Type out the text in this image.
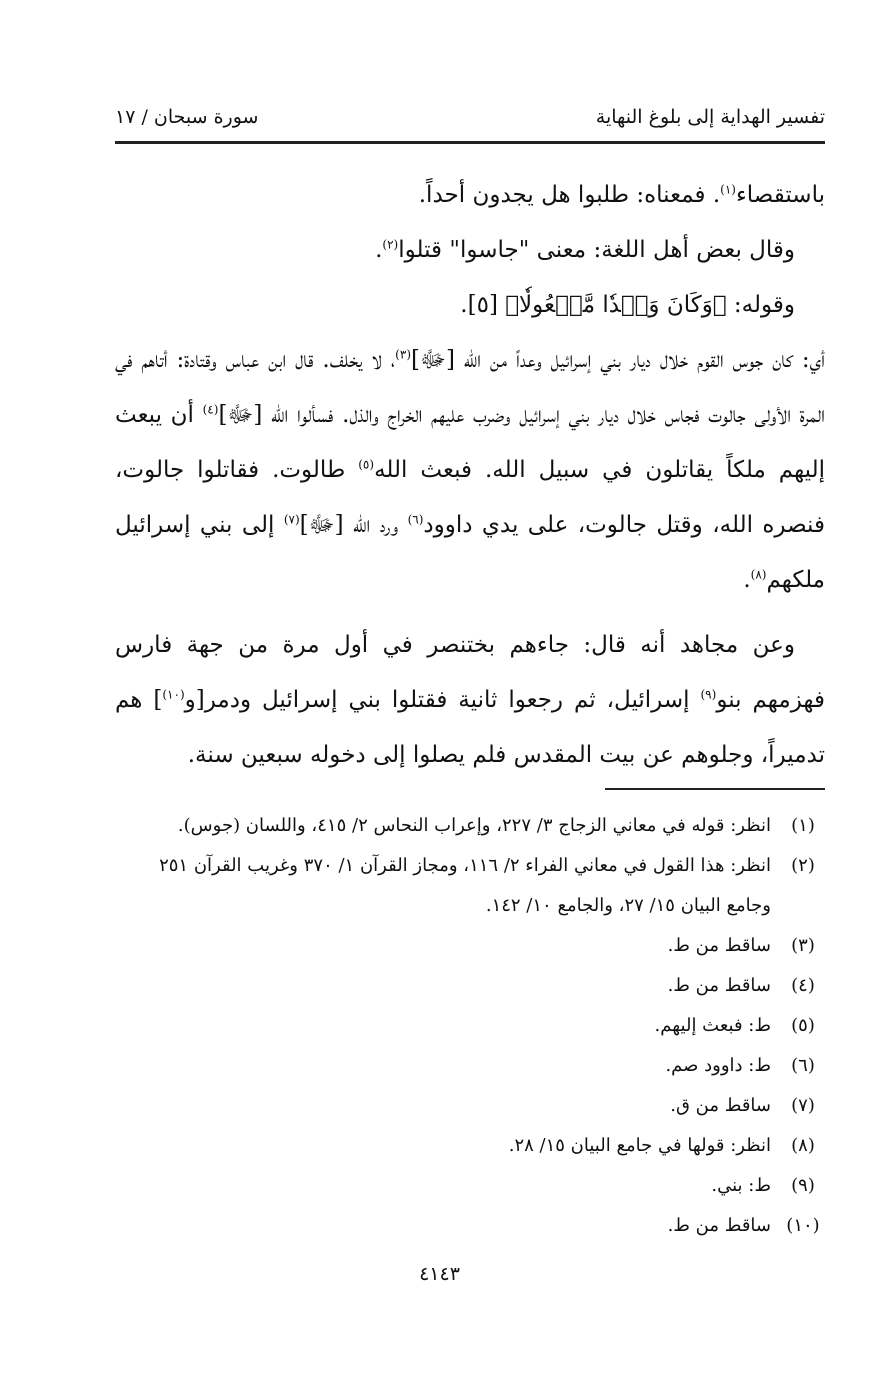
تفسير الهداية إلى بلوغ النهاية
سورة سبحان / ١٧

باستقصاء$^{(١)}$. فمعناه: طلبوا هل يجدون أحداً.

وقال بعض أهل اللغة: معنى "جاسوا" قتلوا$^{(٢)}$.

وقوله: ﴿وَكَانَ وَعۡدٗا مَّفۡعُولٗا﴾ [٥].

أي: كان جوس القوم خلال ديار بني إسرائيل وعداً من الله [ﷻ]$^{(٣)}$، لا يخلف. قال ابن عباس وقتادة: أتاهم في المرة الأولى جالوت فجاس خلال ديار بني إسرائيل وضرب عليهم الخراج والذل. فسألوا الله [ﷻ]$^{(٤)}$ أن يبعث إليهم ملكاً يقاتلون في سبيل الله. فبعث الله$^{(٥)}$ طالوت. فقاتلوا جالوت، فنصره الله، وقتل جالوت، على يدي داوود$^{(٦)}$ ورد الله [ﷻ]$^{(٧)}$ إلى بني إسرائيل ملكهم$^{(٨)}$.

وعن مجاهد أنه قال: جاءهم بختنصر في أول مرة من جهة فارس فهزمهم بنو$^{(٩)}$ إسرائيل، ثم رجعوا ثانية فقتلوا بني إسرائيل ودمر[و$^{(١٠)}$] هم تدميراً، وجلوهم عن بيت المقدس فلم يصلوا إلى دخوله سبعين سنة.

(١)
انظر: قوله في معاني الزجاج ٣/ ٢٢٧، وإعراب النحاس ٢/ ٤١٥، واللسان (جوس).
(٢)
انظر: هذا القول في معاني الفراء ٢/ ١١٦، ومجاز القرآن ١/ ٣٧٠ وغريب القرآن ٢٥١ وجامع البيان ١٥/ ٢٧، والجامع ١٠/ ١٤٢.
(٣)
ساقط من ط.
(٤)
ساقط من ط.
(٥)
ط: فبعث إليهم.
(٦)
ط: داوود صم.
(٧)
ساقط من ق.
(٨)
انظر: قولها في جامع البيان ١٥/ ٢٨.
(٩)
ط: بني.
(١٠)
ساقط من ط.
٤١٤٣
